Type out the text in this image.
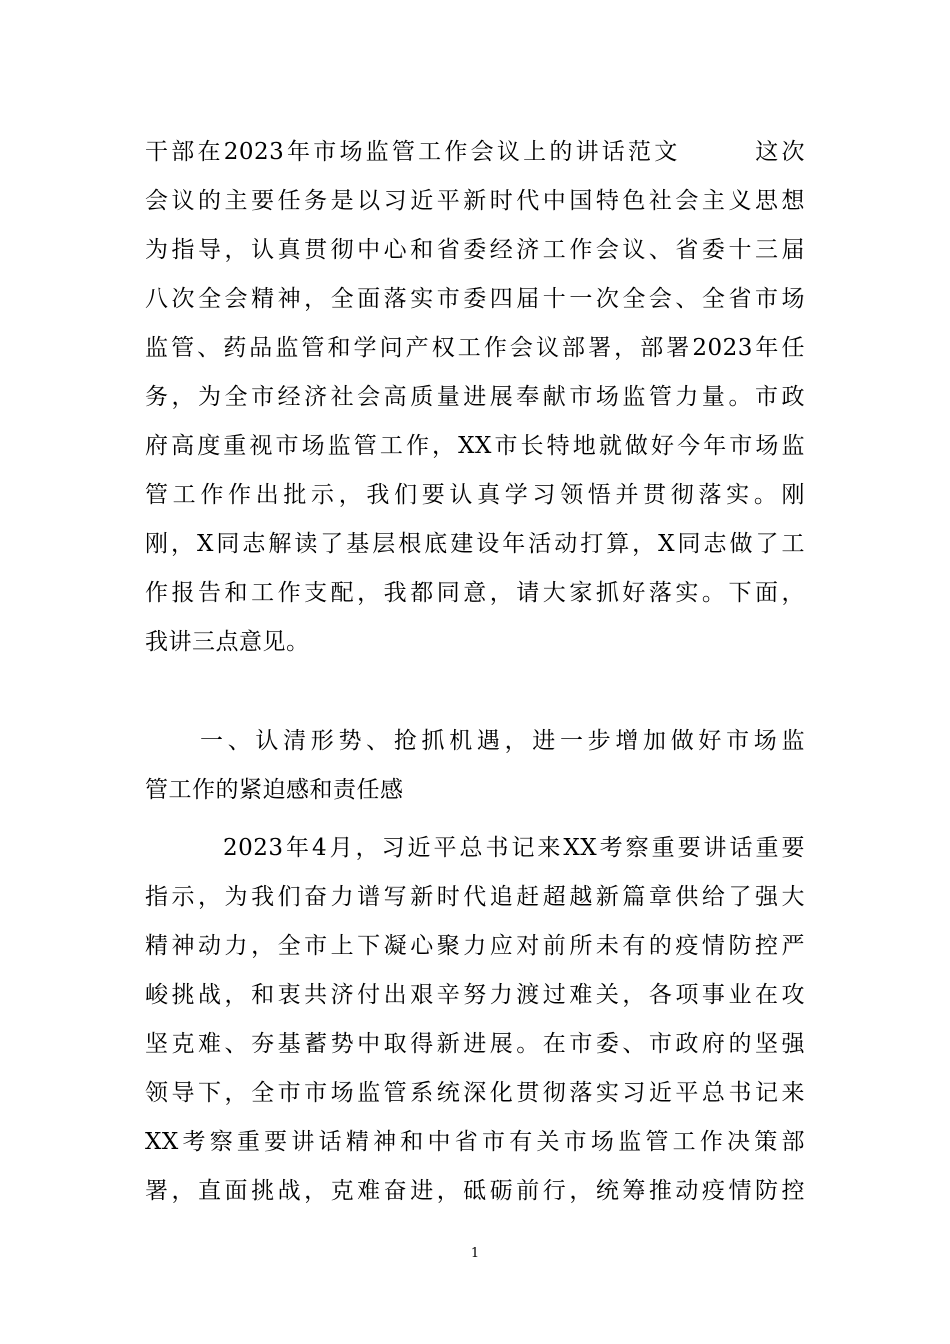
干部在2023年市场监管工作会议上的讲话范文	这次
会议的主要任务是以习近平新时代中国特色社会主义思想
为指导，认真贯彻中心和省委经济工作会议、省委十三届
八次全会精神，全面落实市委四届十一次全会、全省市场
监管、药品监管和学问产权工作会议部署，部署2023年任
务，为全市经济社会高质量进展奉献市场监管力量。市政
府高度重视市场监管工作，XX市长特地就做好今年市场监
管工作作出批示，我们要认真学习领悟并贯彻落实。刚
刚，X同志解读了基层根底建设年活动打算，X同志做了工
作报告和工作支配，我都同意，请大家抓好落实。下面，
我讲三点意见。
一、认清形势、抢抓机遇，进一步增加做好市场监
管工作的紧迫感和责任感
2023年4月，习近平总书记来XX考察重要讲话重要
指示，为我们奋力谱写新时代追赶超越新篇章供给了强大
精神动力，全市上下凝心聚力应对前所未有的疫情防控严
峻挑战，和衷共济付出艰辛努力渡过难关，各项事业在攻
坚克难、夯基蓄势中取得新进展。在市委、市政府的坚强
领导下，全市市场监管系统深化贯彻落实习近平总书记来
XX考察重要讲话精神和中省市有关市场监管工作决策部
署，直面挑战，克难奋进，砥砺前行，统筹推动疫情防控
1
